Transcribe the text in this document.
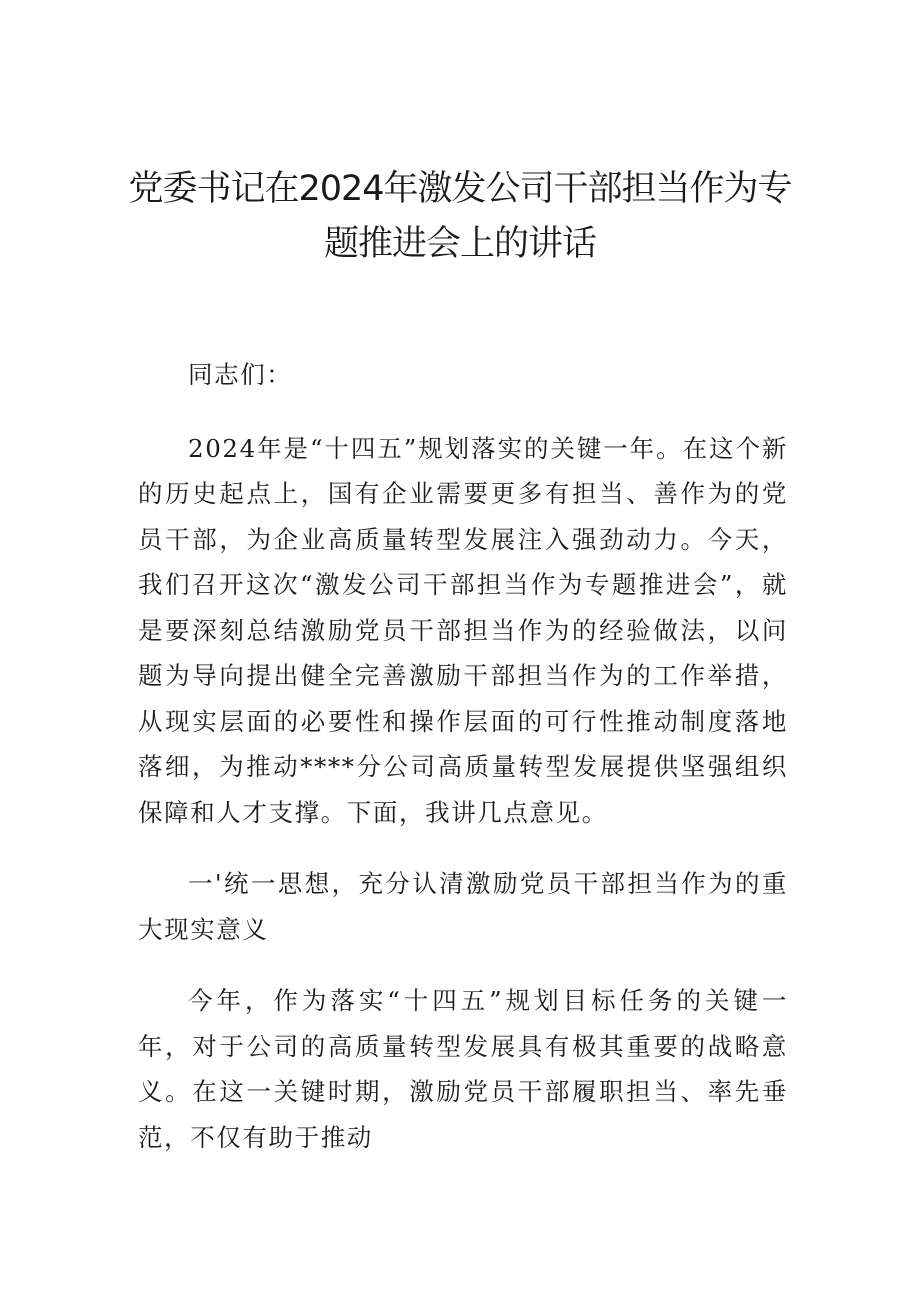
党委书记在2024年激发公司干部担当作为专
题推进会上的讲话

同志们：

2024年是“十四五”规划落实的关键一年。在这个新的历史起点上，国有企业需要更多有担当、善作为的党员干部，为企业高质量转型发展注入强劲动力。今天，我们召开这次“激发公司干部担当作为专题推进会”，就是要深刻总结激励党员干部担当作为的经验做法，以问题为导向提出健全完善激励干部担当作为的工作举措，从现实层面的必要性和操作层面的可行性推动制度落地落细，为推动****分公司高质量转型发展提供坚强组织保障和人才支撑。下面，我讲几点意见。

一'统一思想，充分认清激励党员干部担当作为的重大现实意义

今年，作为落实“十四五”规划目标任务的关键一年，对于公司的高质量转型发展具有极其重要的战略意义。在这一关键时期，激励党员干部履职担当、率先垂范，不仅有助于推动
